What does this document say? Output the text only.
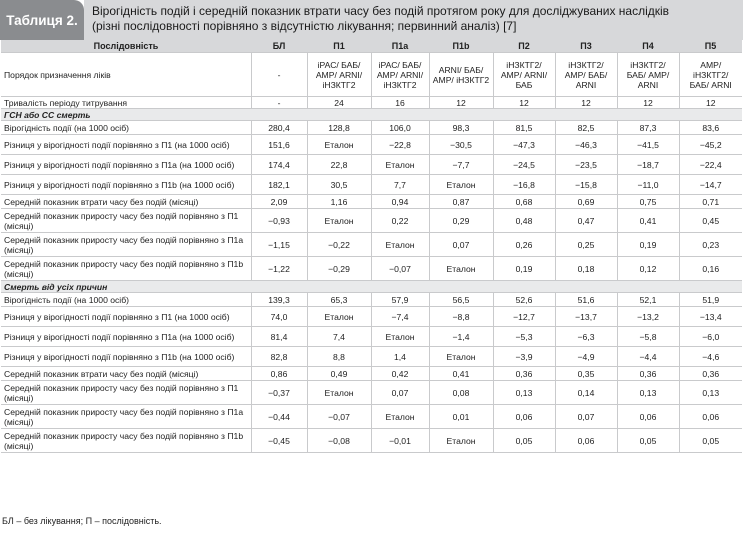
Таблиця 2.
Вірогідність подій і середній показник втрати часу без подій протягом року для досліджуваних наслідків
(різні послідовності порівняно з відсутністю лікування; первинний аналіз) [7]
Послідовність	БЛ	П1	П1а	П1b	П2	П3	П4	П5
Порядок призначення ліків	-	іРАС/ БАБ/ АМР/ ARNI/ іНЗКТГ2	іРАС/ БАБ/ АМР/ ARNI/ іНЗКТГ2	ARNI/ БАБ/ АМР/ іНЗКТГ2	іНЗКТГ2/ АМР/ ARNI/ БАБ	іНЗКТГ2/ АМР/ БАБ/ ARNI	іНЗКТГ2/ БАБ/ АМР/ ARNI	АМР/ іНЗКТГ2/ БАБ/ ARNI
Тривалість періоду титрування	-	24	16	12	12	12	12	12
ГСН або СС смерть								
Вірогідність події (на 1000 осіб)	280,4	128,8	106,0	98,3	81,5	82,5	87,3	83,6
Різниця у вірогідності події порівняно з П1 (на 1000 осіб)	151,6	Еталон	−22,8	−30,5	−47,3	−46,3	−41,5	−45,2
Різниця у вірогідності події порівняно з П1а (на 1000 осіб)	174,4	22,8	Еталон	−7,7	−24,5	−23,5	−18,7	−22,4
Різниця у вірогідності події порівняно з П1b (на 1000 осіб)	182,1	30,5	7,7	Еталон	−16,8	−15,8	−11,0	−14,7
Середній показник втрати часу без подій (місяці)	2,09	1,16	0,94	0,87	0,68	0,69	0,75	0,71
Середній показник приросту часу без подій порівняно з П1 (місяці)	−0,93	Еталон	0,22	0,29	0,48	0,47	0,41	0,45
Середній показник приросту часу без подій порівняно з П1а (місяці)	−1,15	−0,22	Еталон	0,07	0,26	0,25	0,19	0,23
Середній показник приросту часу без подій порівняно з П1b (місяці)	−1,22	−0,29	−0,07	Еталон	0,19	0,18	0,12	0,16
Смерть від усіх причин								
Вірогідність події (на 1000 осіб)	139,3	65,3	57,9	56,5	52,6	51,6	52,1	51,9
Різниця у вірогідності події порівняно з П1 (на 1000 осіб)	74,0	Еталон	−7,4	−8,8	−12,7	−13,7	−13,2	−13,4
Різниця у вірогідності події порівняно з П1а (на 1000 осіб)	81,4	7,4	Еталон	−1,4	−5,3	−6,3	−5,8	−6,0
Різниця у вірогідності події порівняно з П1b (на 1000 осіб)	82,8	8,8	1,4	Еталон	−3,9	−4,9	−4,4	−4,6
Середній показник втрати часу без подій (місяці)	0,86	0,49	0,42	0,41	0,36	0,35	0,36	0,36
Середній показник приросту часу без подій порівняно з П1 (місяці)	−0,37	Еталон	0,07	0,08	0,13	0,14	0,13	0,13
Середній показник приросту часу без подій порівняно з П1а (місяці)	−0,44	−0,07	Еталон	0,01	0,06	0,07	0,06	0,06
Середній показник приросту часу без подій порівняно з П1b (місяці)	−0,45	−0,08	−0,01	Еталон	0,05	0,06	0,05	0,05
БЛ – без лікування; П – послідовність.
